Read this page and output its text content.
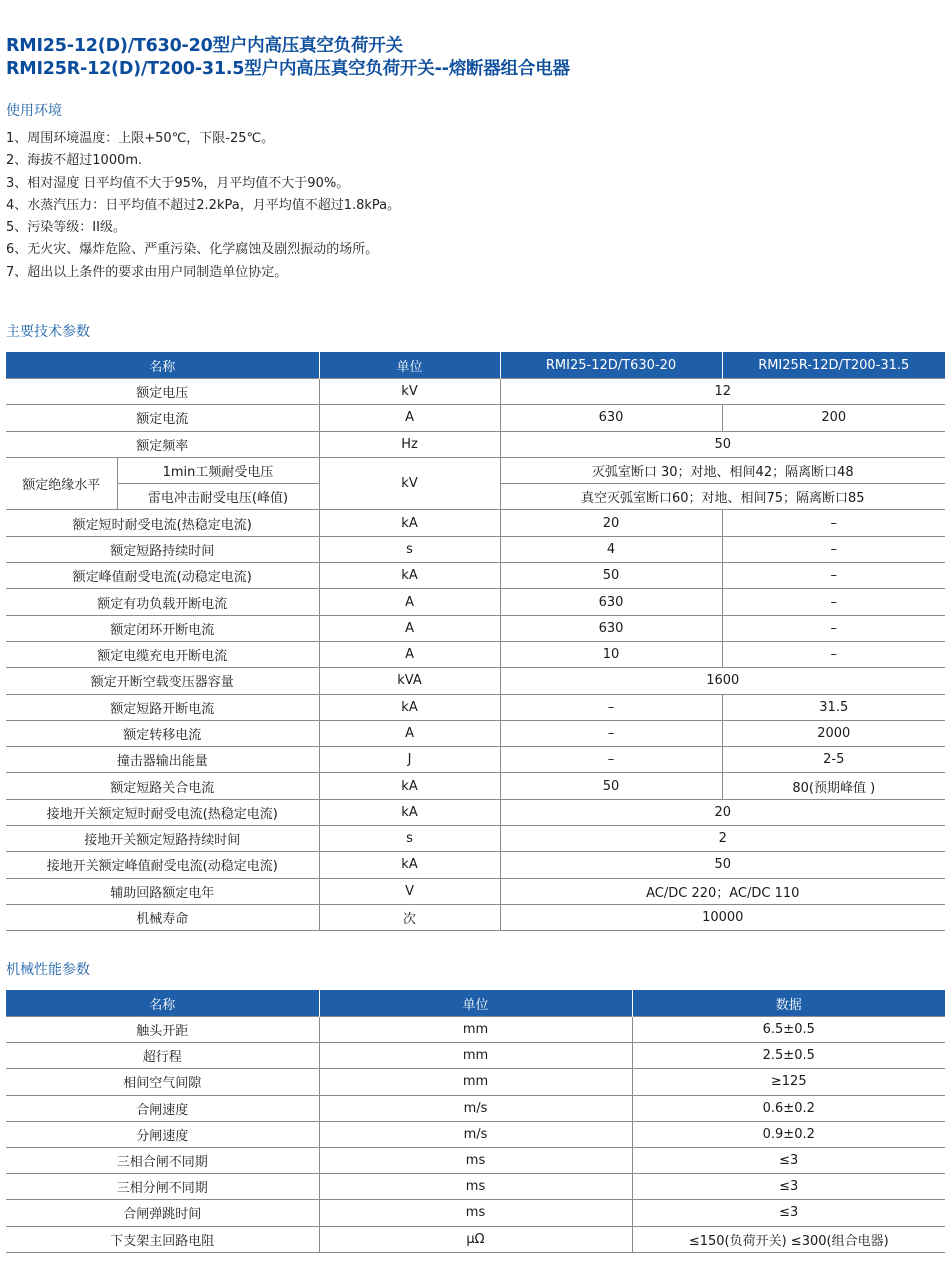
RMI25-12(D)/T630-20型户内高压真空负荷开关
RMI25R-12(D)/T200-31.5型户内高压真空负荷开关--熔断器组合电器
使用环境
1、周围环境温度：上限+50℃，下限-25℃。
2、海拔不超过1000m.
3、相对湿度 日平均值不大于95%，月平均值不大于90%。
4、水蒸汽压力：日平均值不超过2.2kPa，月平均值不超过1.8kPa。
5、污染等级：II级。
6、无火灾、爆炸危险、严重污染、化学腐蚀及剧烈振动的场所。
7、超出以上条件的要求由用户同制造单位协定。
主要技术参数
名称		单位	RMI25-12D/T630-20	RMI25R-12D/T200-31.5
额定电压		kV	12	
额定电流		A	630	200
额定频率		Hz	50	
额定绝缘水平	1min工频耐受电压	kV	灭弧室断口 30；对地、相间42；隔离断口48	
	雷电冲击耐受电压(峰值)		真空灭弧室断口60；对地、相间75；隔离断口85	
额定短时耐受电流(热稳定电流)		kA	20	–
额定短路持续时间		s	4	–
额定峰值耐受电流(动稳定电流)		kA	50	–
额定有功负载开断电流		A	630	–
额定闭环开断电流		A	630	–
额定电缆充电开断电流		A	10	–
额定开断空载变压器容量		kVA	1600	
额定短路开断电流		kA	–	31.5
额定转移电流		A	–	2000
撞击器输出能量		J	–	2-5
额定短路关合电流		kA	50	80(预期峰值 )
接地开关额定短时耐受电流(热稳定电流)		kA	20	
接地开关额定短路持续时间		s	2	
接地开关额定峰值耐受电流(动稳定电流)		kA	50	
辅助回路额定电年		V	AC/DC 220；AC/DC 110	
机械寿命		次	10000	
机械性能参数
名称	单位	数据
触头开距	mm	6.5±0.5
超行程	mm	2.5±0.5
相间空气间隙	mm	≥125
合闸速度	m/s	0.6±0.2
分闸速度	m/s	0.9±0.2
三相合闸不同期	ms	≤3
三相分闸不同期	ms	≤3
合闸弹跳时间	ms	≤3
下支架主回路电阻	μΩ	≤150(负荷开关) ≤300(组合电器)
